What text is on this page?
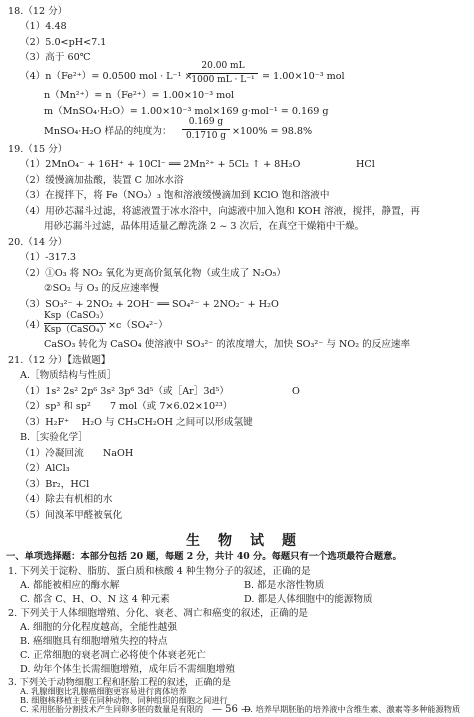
18.（12 分）
（1）4.48
（2）5.0<pH<7.1
（3）高于 60℃
（4）n（Fe²⁺）= 0.0500 mol · L⁻¹ ×
20.00 mL
1000 mL · L⁻¹ = 1.00×10⁻³ mol
n（Mn²⁺）= n（Fe²⁺）= 1.00×10⁻³ mol
m（MnSO₄·H₂O）= 1.00×10⁻³ mol×169 g·mol⁻¹ = 0.169 g
MnSO₄·H₂O 样品的纯度为：
0.169 g
0.1710 g ×100% = 98.8%
19.（15 分）
（1）2MnO₄⁻ + 16H⁺ + 10Cl⁻ ══ 2Mn²⁺ + 5Cl₂ ↑ + 8H₂O	HCl
（2）缓慢滴加盐酸，装置 C 加冰水浴
（3）在搅拌下，将 Fe（NO₃）₃ 饱和溶液缓慢滴加到 KClO 饱和溶液中
（4）用砂芯漏斗过滤，将滤液置于冰水浴中，向滤液中加入饱和 KOH 溶液，搅拌，静置，再
用砂芯漏斗过滤，晶体用适量乙醇洗涤 2 ~ 3 次后，在真空干燥箱中干燥。
20.（14 分）
（1）-317.3
（2）①O₃ 将 NO₂ 氧化为更高价氮氧化物（或生成了 N₂O₅）
②SO₂ 与 O₃ 的反应速率慢
（3）SO₃²⁻ + 2NO₂ + 2OH⁻ ══ SO₄²⁻ + 2NO₂⁻ + H₂O
（4）
Ksp（CaSO₃）
Ksp（CaSO₄） ×c（SO₄²⁻）
CaSO₃ 转化为 CaSO₄ 使溶液中 SO₃²⁻ 的浓度增大，加快 SO₃²⁻ 与 NO₂ 的反应速率
21.（12 分）【选做题】
A.［物质结构与性质］
（1）1s² 2s² 2p⁶ 3s² 3p⁶ 3d⁵（或［Ar］3d⁵）	O
（2）sp³ 和 sp²　　7 mol（或 7×6.02×10²³）
（3）H₂F⁺　 H₂O 与 CH₃CH₂OH 之间可以形成氢键
B.［实验化学］
（1）冷凝回流　　NaOH
（2）AlCl₃
（3）Br₂，HCl
（4）除去有机相的水
（5）间溴苯甲醛被氧化
生物试题
一、单项选择题：本部分包括 20 题，每题 2 分，共计 40 分。每题只有一个选项最符合题意。
1. 下列关于淀粉、脂肪、蛋白质和核酸 4 种生物分子的叙述，正确的是
A. 都能被相应的酶水解	B. 都是水溶性物质
C. 都含 C、H、O、N 这 4 种元素	D. 都是人体细胞中的能源物质
2. 下列关于人体细胞增殖、分化、衰老、凋亡和癌变的叙述，正确的是
A. 细胞的分化程度越高，全能性越强
B. 癌细胞具有细胞增殖失控的特点
C. 正常细胞的衰老凋亡必将使个体衰老死亡
D. 幼年个体生长需细胞增殖，成年后不需细胞增殖
3. 下列关于动物细胞工程和胚胎工程的叙述，正确的是
A. 乳腺细胞比乳腺癌细胞更容易进行离体培养
B. 细胞核移植主要在同种动物、同种组织的细胞之间进行
C. 采用胚胎分割技术产生同卵多胚的数量是有限的	D. 培养早期胚胎的培养液中含维生素、激素等多种能源物质
— 56 —
